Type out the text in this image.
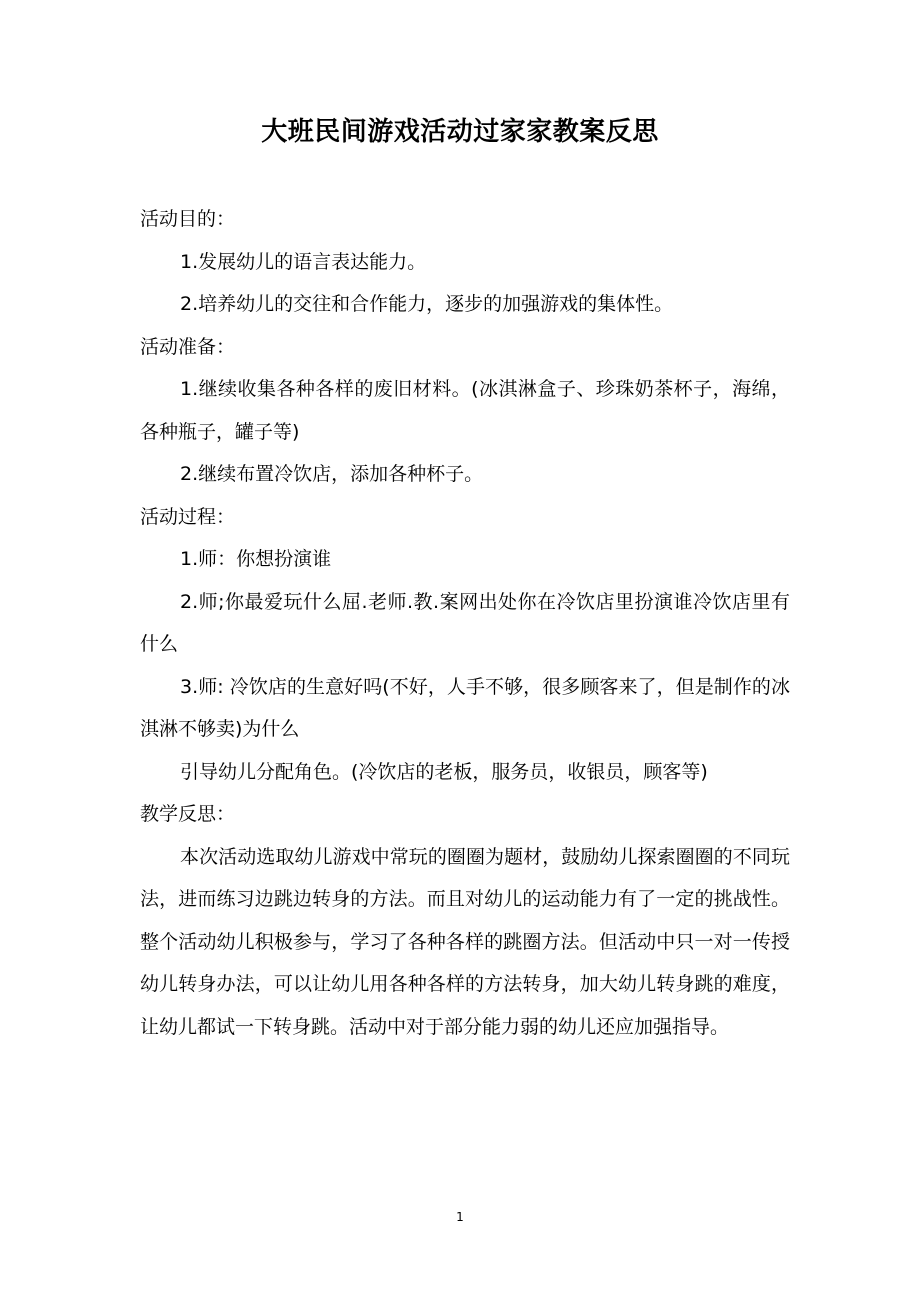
大班民间游戏活动过家家教案反思

活动目的：

1.发展幼儿的语言表达能力。

2.培养幼儿的交往和合作能力，逐步的加强游戏的集体性。

活动准备：

1.继续收集各种各样的废旧材料。(冰淇淋盒子、珍珠奶茶杯子，海绵，各种瓶子，罐子等)

2.继续布置冷饮店，添加各种杯子。

活动过程：

1.师：你想扮演谁

2.师;你最爱玩什么屈.老师.教.案网出处你在冷饮店里扮演谁冷饮店里有什么

3.师: 冷饮店的生意好吗(不好，人手不够，很多顾客来了，但是制作的冰淇淋不够卖)为什么

引导幼儿分配角色。(冷饮店的老板，服务员，收银员，顾客等)

教学反思：

本次活动选取幼儿游戏中常玩的圈圈为题材，鼓励幼儿探索圈圈的不同玩法，进而练习边跳边转身的方法。而且对幼儿的运动能力有了一定的挑战性。整个活动幼儿积极参与，学习了各种各样的跳圈方法。但活动中只一对一传授幼儿转身办法，可以让幼儿用各种各样的方法转身，加大幼儿转身跳的难度，让幼儿都试一下转身跳。活动中对于部分能力弱的幼儿还应加强指导。

1
